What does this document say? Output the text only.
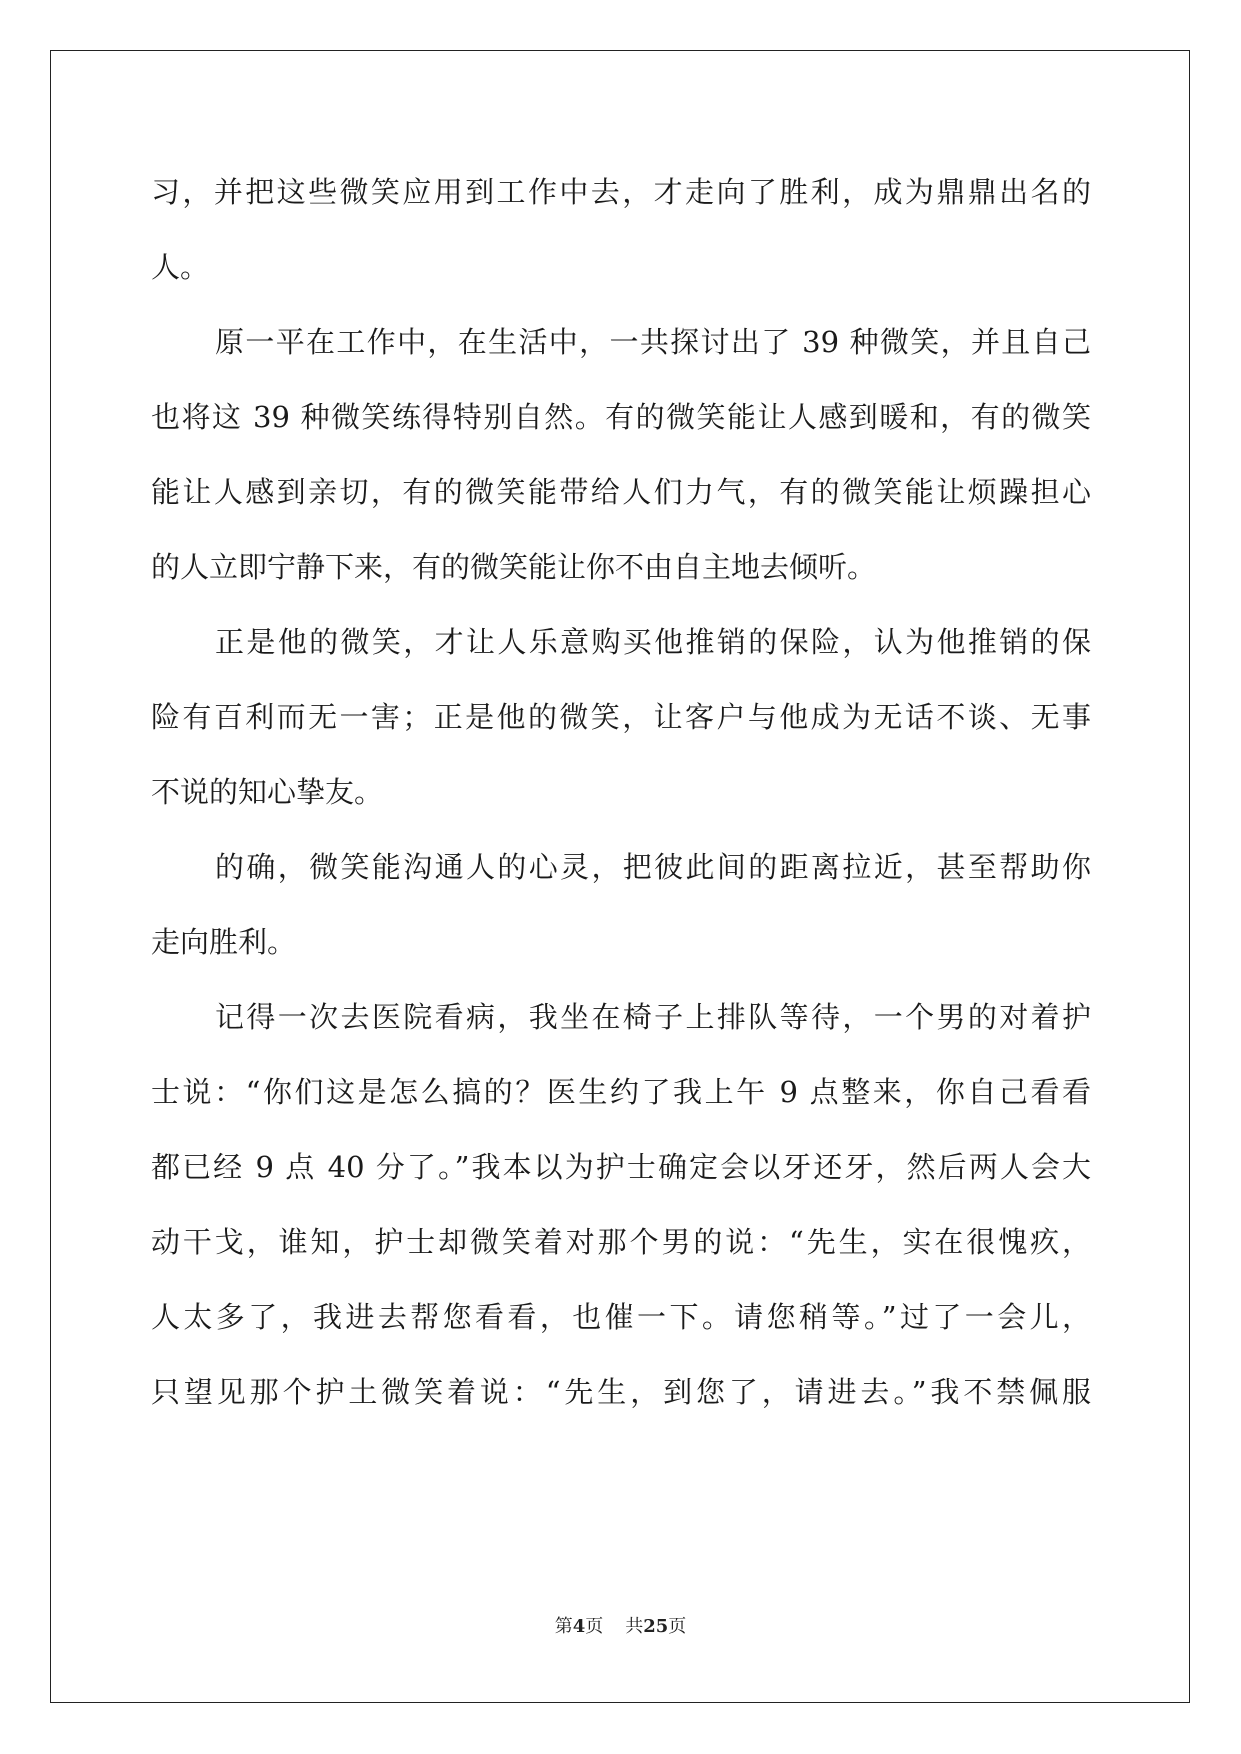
习，并把这些微笑应用到工作中去，才走向了胜利，成为鼎鼎出名的
人。
原一平在工作中，在生活中，一共探讨出了 39 种微笑，并且自己
也将这 39 种微笑练得特别自然。有的微笑能让人感到暖和，有的微笑
能让人感到亲切，有的微笑能带给人们力气，有的微笑能让烦躁担心
的人立即宁静下来，有的微笑能让你不由自主地去倾听。
正是他的微笑，才让人乐意购买他推销的保险，认为他推销的保
险有百利而无一害；正是他的微笑，让客户与他成为无话不谈、无事
不说的知心挚友。
的确，微笑能沟通人的心灵，把彼此间的距离拉近，甚至帮助你
走向胜利。
记得一次去医院看病，我坐在椅子上排队等待，一个男的对着护
士说：“你们这是怎么搞的？医生约了我上午 9 点整来，你自己看看
都已经 9 点 40 分了。”我本以为护士确定会以牙还牙，然后两人会大
动干戈，谁知，护士却微笑着对那个男的说：“先生，实在很愧疚，
人太多了，我进去帮您看看，也催一下。请您稍等。”过了一会儿，
只望见那个护土微笑着说：“先生，到您了，请进去。”我不禁佩服
第4页 共25页
